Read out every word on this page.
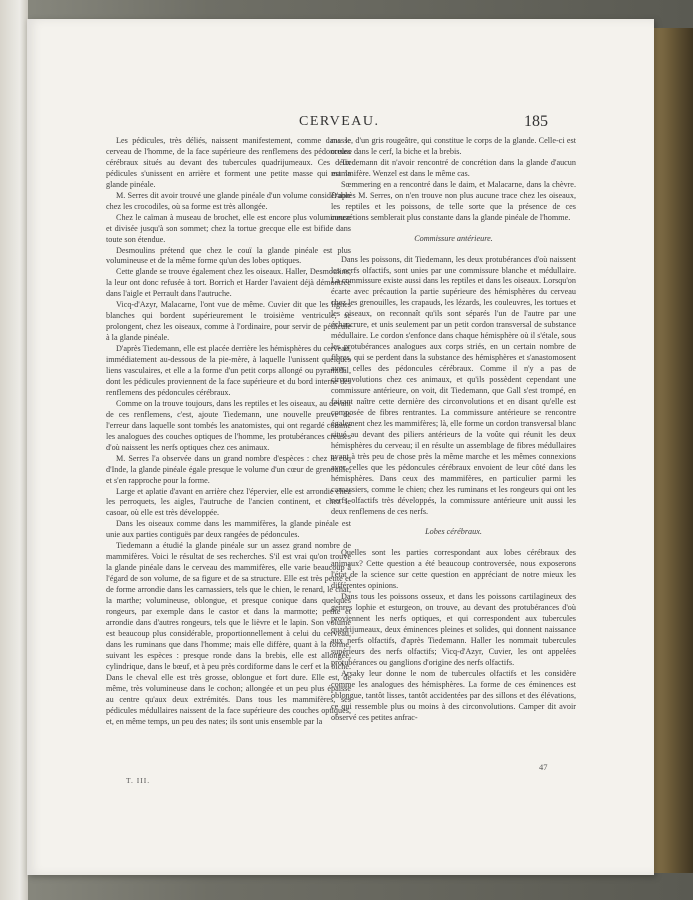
CERVEAU.	185

Les pédicules, très déliés, naissent manifestement, comme dans le cerveau de l'homme, de la face supérieure des renflemens des pédoncules cérébraux situés au devant des tubercules quadrijumeaux. Ces deux pédicules s'unissent en arrière et forment une petite masse qui est la glande pinéale.

M. Serres dit avoir trouvé une glande pinéale d'un volume considérable chez les crocodiles, où sa forme est très allongée.

Chez le caïman à museau de brochet, elle est encore plus volumineuse et divisée jusqu'à son sommet; chez la tortue grecque elle est bifide dans toute son étendue.

Desmoulins prétend que chez le couï la glande pinéale est plus volumineuse et de la même forme qu'un des lobes optiques.

Cette glande se trouve également chez les oiseaux. Haller, Desmoulins, la leur ont donc refusée à tort. Borrich et Harder l'avaient déjà démontrée dans l'aigle et Perrault dans l'autruche.

Vicq-d'Azyr, Malacarne, l'ont vue de même. Cuvier dit que les lignes blanches qui bordent supérieurement le troisième ventricule, se prolongent, chez les oiseaux, comme à l'ordinaire, pour servir de pédicule à la glande pinéale.

D'après Tiedemann, elle est placée derrière les hémisphères du cerveau, immédiatement au-dessous de la pie-mère, à laquelle l'unissent quelques liens vasculaires, et elle a la forme d'un petit corps allongé ou pyramidal, dont les pédicules proviennent de la face supérieure et du bord interne des renflemens des pédoncules cérébraux.

Comme on la trouve toujours, dans les reptiles et les oiseaux, au devant de ces renflemens, c'est, ajoute Tiedemann, une nouvelle preuve de l'erreur dans laquelle sont tombés les anatomistes, qui ont regardé comme les analogues des couches optiques de l'homme, les protubérances creuses d'où naissent les nerfs optiques chez ces animaux.

M. Serres l'a observée dans un grand nombre d'espèces : chez le coq d'Inde, la glande pinéale égale presque le volume d'un cœur de grenouille, et s'en rapproche pour la forme.

Large et aplatie d'avant en arrière chez l'épervier, elle est arrondie chez les perroquets, les aigles, l'autruche de l'ancien continent, et chez le casoar, où elle est très développée.

Dans les oiseaux comme dans les mammifères, la glande pinéale est unie aux parties contiguës par deux rangées de pédoncules.

Tiedemann a étudié la glande pinéale sur un assez grand nombre de mammifères. Voici le résultat de ses recherches. S'il est vrai qu'on trouve la glande pinéale dans le cerveau des mammifères, elle varie beaucoup à l'égard de son volume, de sa figure et de sa structure. Elle est très petite et de forme arrondie dans les carnassiers, tels que le chien, le renard, le chat, la marthe; volumineuse, oblongue, et presque conique dans quelques rongeurs, par exemple dans le castor et dans la marmotte; petite et arrondie dans d'autres rongeurs, tels que le lièvre et le lapin. Son volume est beaucoup plus considérable, proportionnellement à celui du cerveau, dans les ruminans que dans l'homme; mais elle diffère, quant à la forme, suivant les espèces : presque ronde dans la brebis, elle est allongée, cylindrique, dans le bœuf, et à peu près cordiforme dans le cerf et la biche. Dans le cheval elle est très grosse, oblongue et fort dure. Elle est, de même, très volumineuse dans le cochon; allongée et un peu plus épaisse au centre qu'aux deux extrémités. Dans tous les mammifères, ses pédicules médullaires naissent de la face supérieure des couches optiques, et, en même temps, un peu des nates; ils sont unis ensemble par la

masse, d'un gris rougeâtre, qui constitue le corps de la glande. Celle-ci est creuse dans le cerf, la biche et la brebis.

Tiedemann dit n'avoir rencontré de concrétion dans la glande d'aucun mammifère. Wenzel est dans le même cas.

Sœmmering en a rencontré dans le daim, et Malacarne, dans la chèvre. D'après M. Serres, on n'en trouve non plus aucune trace chez les oiseaux, les reptiles et les poissons, de telle sorte que la présence de ces concrétions semblerait plus constante dans la glande pinéale de l'homme.

Commissure antérieure.

Dans les poissons, dit Tiedemann, les deux protubérances d'où naissent les nerfs olfactifs, sont unies par une commissure blanche et médullaire. La commissure existe aussi dans les reptiles et dans les oiseaux. Lorsqu'on écarte avec précaution la partie supérieure des hémisphères du cerveau chez les grenouilles, les crapauds, les lézards, les couleuvres, les tortues et les oiseaux, on reconnaît qu'ils sont séparés l'un de l'autre par une échancrure, et unis seulement par un petit cordon transversal de substance médullaire. Le cordon s'enfonce dans chaque hémisphère où il s'étale, sous les protubérances analogues aux corps striés, en un certain nombre de fibres, qui se perdent dans la substance des hémisphères et s'anastomosent avec celles des pédoncules cérébraux. Comme il n'y a pas de circonvolutions chez ces animaux, et qu'ils possèdent cependant une commissure antérieure, on voit, dit Tiedemann, que Gall s'est trompé, en faisant naître cette dernière des circonvolutions et en disant qu'elle est composée de fibres rentrantes. La commissure antérieure se rencontre également chez les mammifères; là, elle forme un cordon transversal blanc situé au devant des piliers antérieurs de la voûte qui réunit les deux hémisphères du cerveau; il en résulte un assemblage de fibres médullaires ayant à très peu de chose près la même marche et les mêmes connexions avec celles que les pédoncules cérébraux envoient de leur côté dans les hémisphères. Dans ceux des mammifères, en particulier parmi les carnassiers, comme le chien; chez les ruminans et les rongeurs qui ont les nerfs olfactifs très développés, la commissure antérieure unit aussi les deux renflemens de ces nerfs.

Lobes cérébraux.

Quelles sont les parties correspondant aux lobes cérébraux des animaux? Cette question a été beaucoup controversée, nous exposerons l'état de la science sur cette question en appréciant de notre mieux les différentes opinions.

Dans tous les poissons osseux, et dans les poissons cartilagineux des genres lophie et esturgeon, on trouve, au devant des protubérances d'où proviennent les nerfs optiques, et qui correspondent aux tubercules quadrijumeaux, deux éminences pleines et solides, qui donnent naissance aux nerfs olfactifs, d'après Tiedemann. Haller les nommait tubercules supérieurs des nerfs olfactifs; Vicq-d'Azyr, Cuvier, les ont appelées protubérances ou ganglions d'origine des nerfs olfactifs.

Arsaky leur donne le nom de tubercules olfactifs et les considère comme les analogues des hémisphères. La forme de ces éminences est oblongue, tantôt lisses, tantôt accidentées par des sillons et des élévations, ce qui ressemble plus ou moins à des circonvolutions. Camper dit avoir observé ces petites anfrac-

T. III.
47
